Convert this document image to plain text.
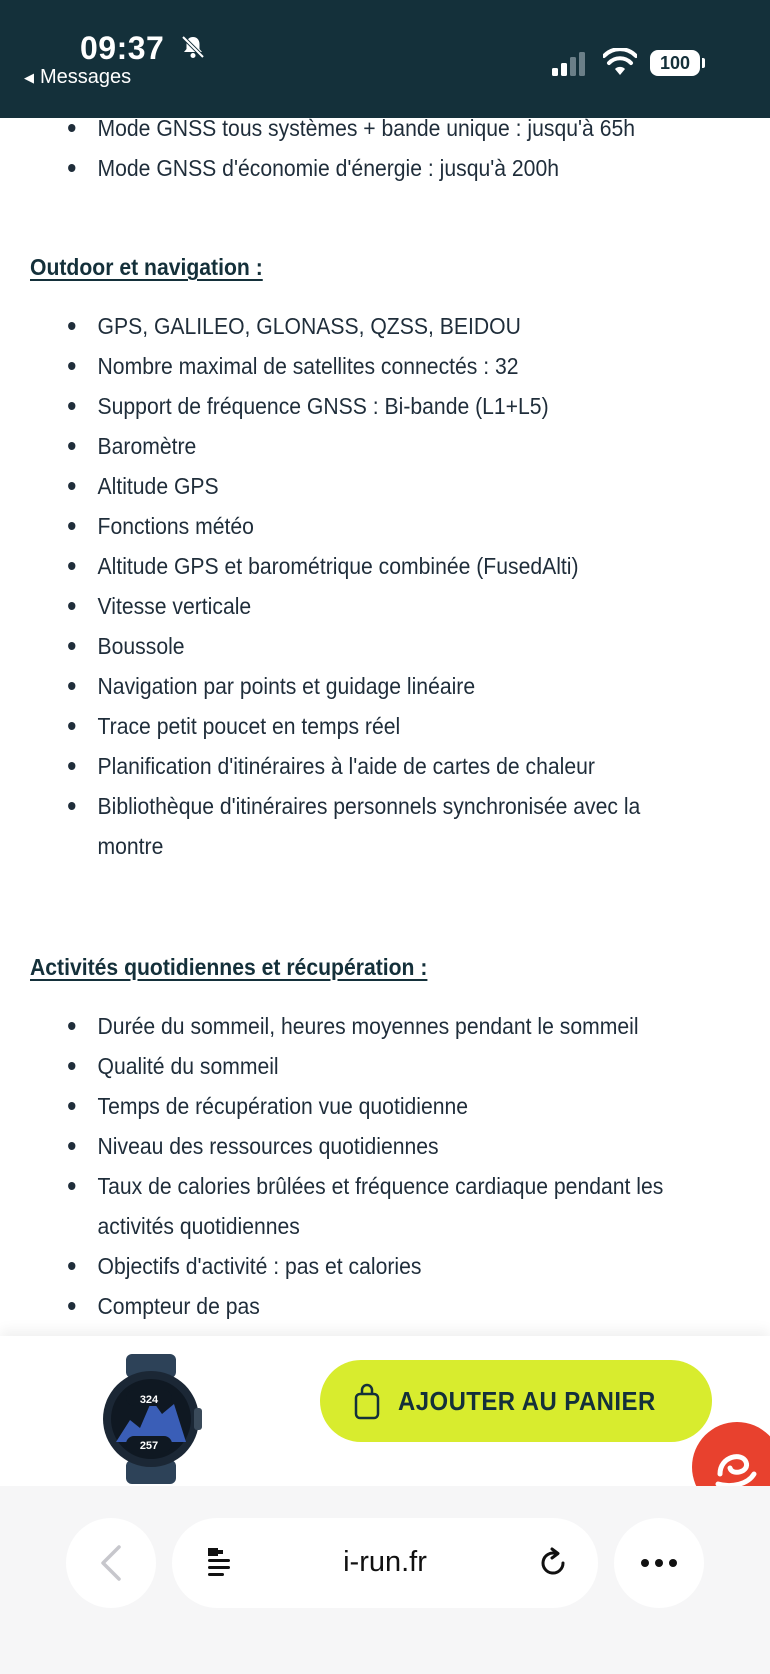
09:37
◀ Messages
100
Mode GNSS tous systèmes + bande unique : jusqu'à 65h
Mode GNSS d'économie d'énergie : jusqu'à 200h
Outdoor et navigation :
GPS, GALILEO, GLONASS, QZSS, BEIDOU
Nombre maximal de satellites connectés : 32
Support de fréquence GNSS : Bi-bande (L1+L5)
Baromètre
Altitude GPS
Fonctions météo
Altitude GPS et barométrique combinée (FusedAlti)
Vitesse verticale
Boussole
Navigation par points et guidage linéaire
Trace petit poucet en temps réel
Planification d'itinéraires à l'aide de cartes de chaleur
Bibliothèque d'itinéraires personnels synchronisée avec la montre
Activités quotidiennes et récupération :
Durée du sommeil, heures moyennes pendant le sommeil
Qualité du sommeil
Temps de récupération vue quotidienne
Niveau des ressources quotidiennes
Taux de calories brûlées et fréquence cardiaque pendant les activités quotidiennes
Objectifs d'activité : pas et calories
Compteur de pas
324
257
AJOUTER AU PANIER
i-run.fr
